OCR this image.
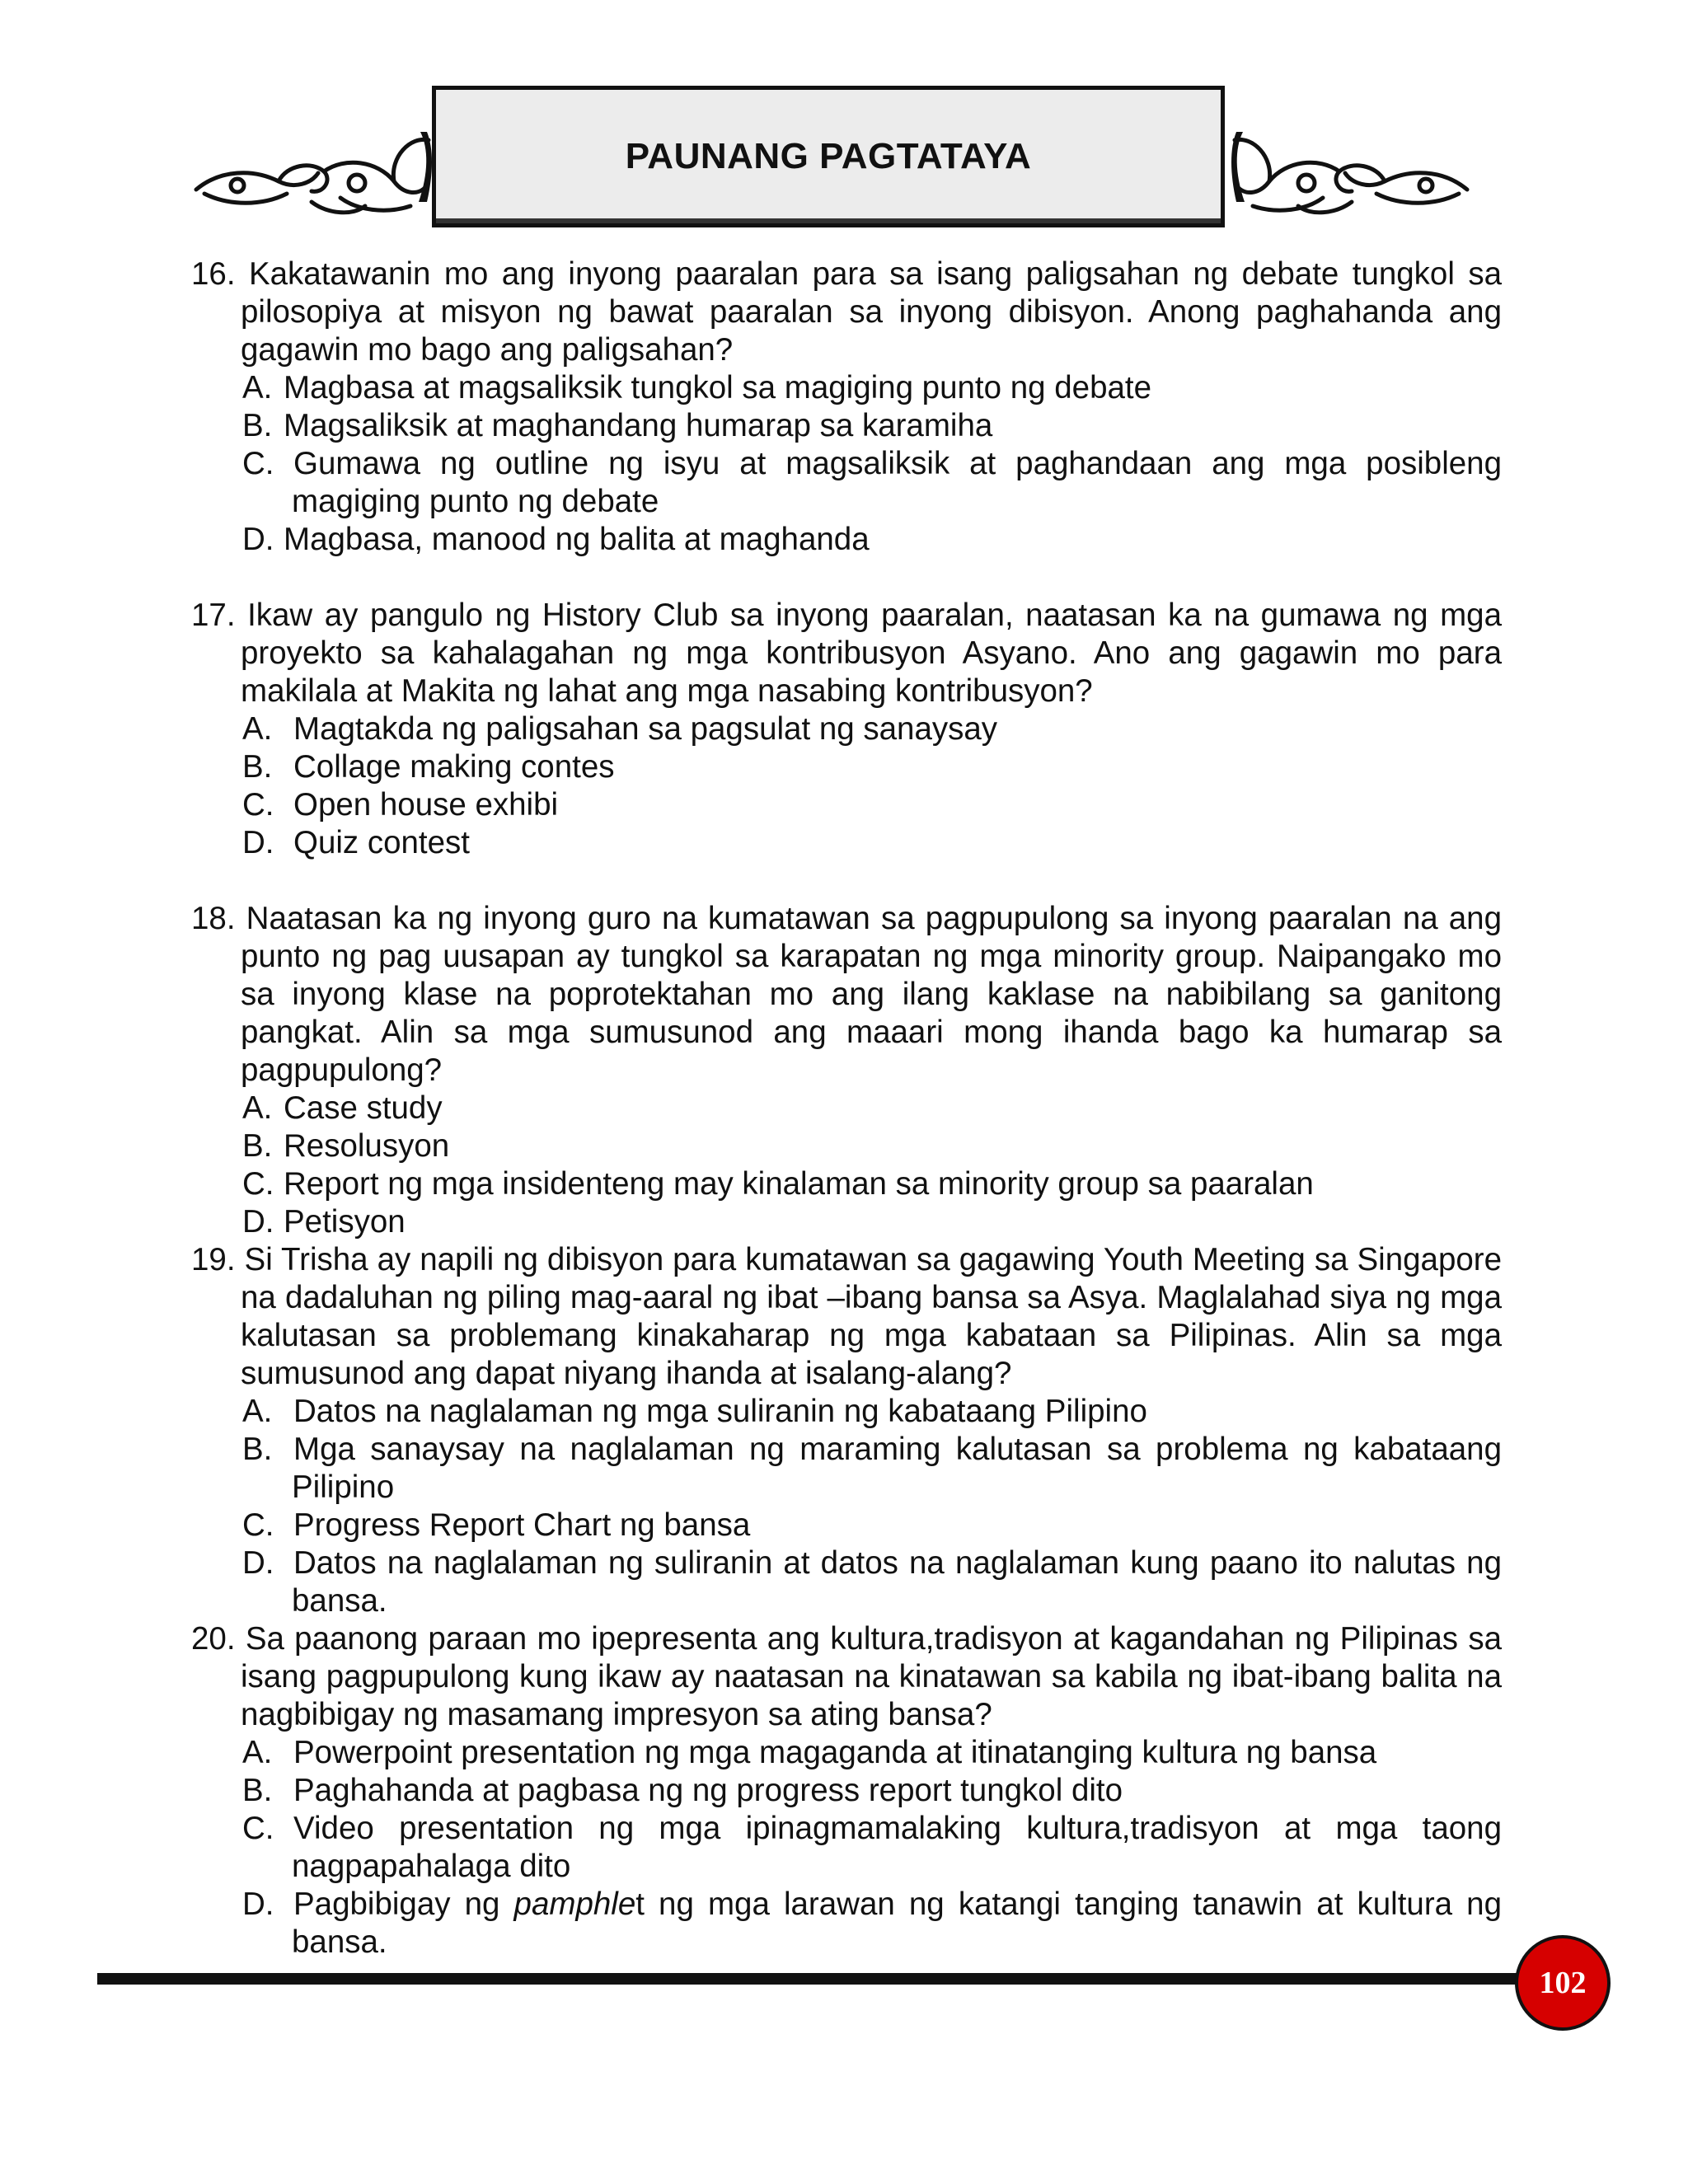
PAUNANG PAGTATAYA
16. Kakatawanin mo ang inyong paaralan para sa isang paligsahan ng debate tungkol sa pilosopiya at misyon ng bawat paaralan sa inyong dibisyon. Anong paghahanda ang gagawin mo bago ang paligsahan?
A. Magbasa at magsaliksik tungkol sa magiging punto ng debate
B. Magsaliksik at maghandang humarap sa karamiha
C. Gumawa ng outline ng isyu at magsaliksik at paghandaan ang mga posibleng magiging punto ng debate
D. Magbasa, manood ng balita at maghanda
17. Ikaw ay pangulo ng History Club sa inyong paaralan, naatasan ka na gumawa ng mga proyekto sa kahalagahan ng mga kontribusyon Asyano. Ano ang gagawin mo para makilala at Makita ng lahat ang mga nasabing kontribusyon?
A. Magtakda ng paligsahan sa pagsulat ng sanaysay
B. Collage making contes
C. Open house exhibi
D. Quiz contest
18. Naatasan ka ng inyong guro na kumatawan sa pagpupulong sa inyong paaralan na ang punto ng pag uusapan ay tungkol sa karapatan ng mga minority group. Naipangako mo sa inyong klase na poprotektahan mo ang ilang kaklase na nabibilang sa ganitong pangkat. Alin sa mga sumusunod ang maaari mong ihanda bago ka humarap sa pagpupulong?
A. Case study
B. Resolusyon
C. Report ng mga insidenteng may kinalaman sa minority group sa paaralan
D. Petisyon
19. Si Trisha ay napili ng dibisyon para kumatawan sa gagawing Youth Meeting sa Singapore na dadaluhan ng piling mag-aaral ng ibat –ibang bansa sa Asya. Maglalahad siya ng mga kalutasan sa problemang kinakaharap ng mga kabataan sa Pilipinas. Alin sa mga sumusunod ang dapat niyang ihanda at isalang-alang?
A. Datos na naglalaman ng mga suliranin ng kabataang Pilipino
B. Mga sanaysay na naglalaman ng maraming kalutasan sa problema ng kabataang Pilipino
C. Progress Report Chart ng bansa
D. Datos na naglalaman ng suliranin at datos na naglalaman kung paano ito nalutas ng bansa.
20. Sa paanong paraan mo ipepresenta ang kultura,tradisyon at kagandahan ng Pilipinas sa isang pagpupulong kung ikaw ay naatasan na kinatawan sa kabila ng ibat-ibang balita na nagbibigay ng masamang impresyon sa ating bansa?
A. Powerpoint presentation ng mga magaganda at itinatanging kultura ng bansa
B. Paghahanda at pagbasa ng ng progress report tungkol dito
C. Video presentation ng mga ipinagmamalaking kultura,tradisyon at mga taong nagpapahalaga dito
D. Pagbibigay ng pamphlet ng mga larawan ng katangi tanging tanawin at kultura ng bansa.
102
